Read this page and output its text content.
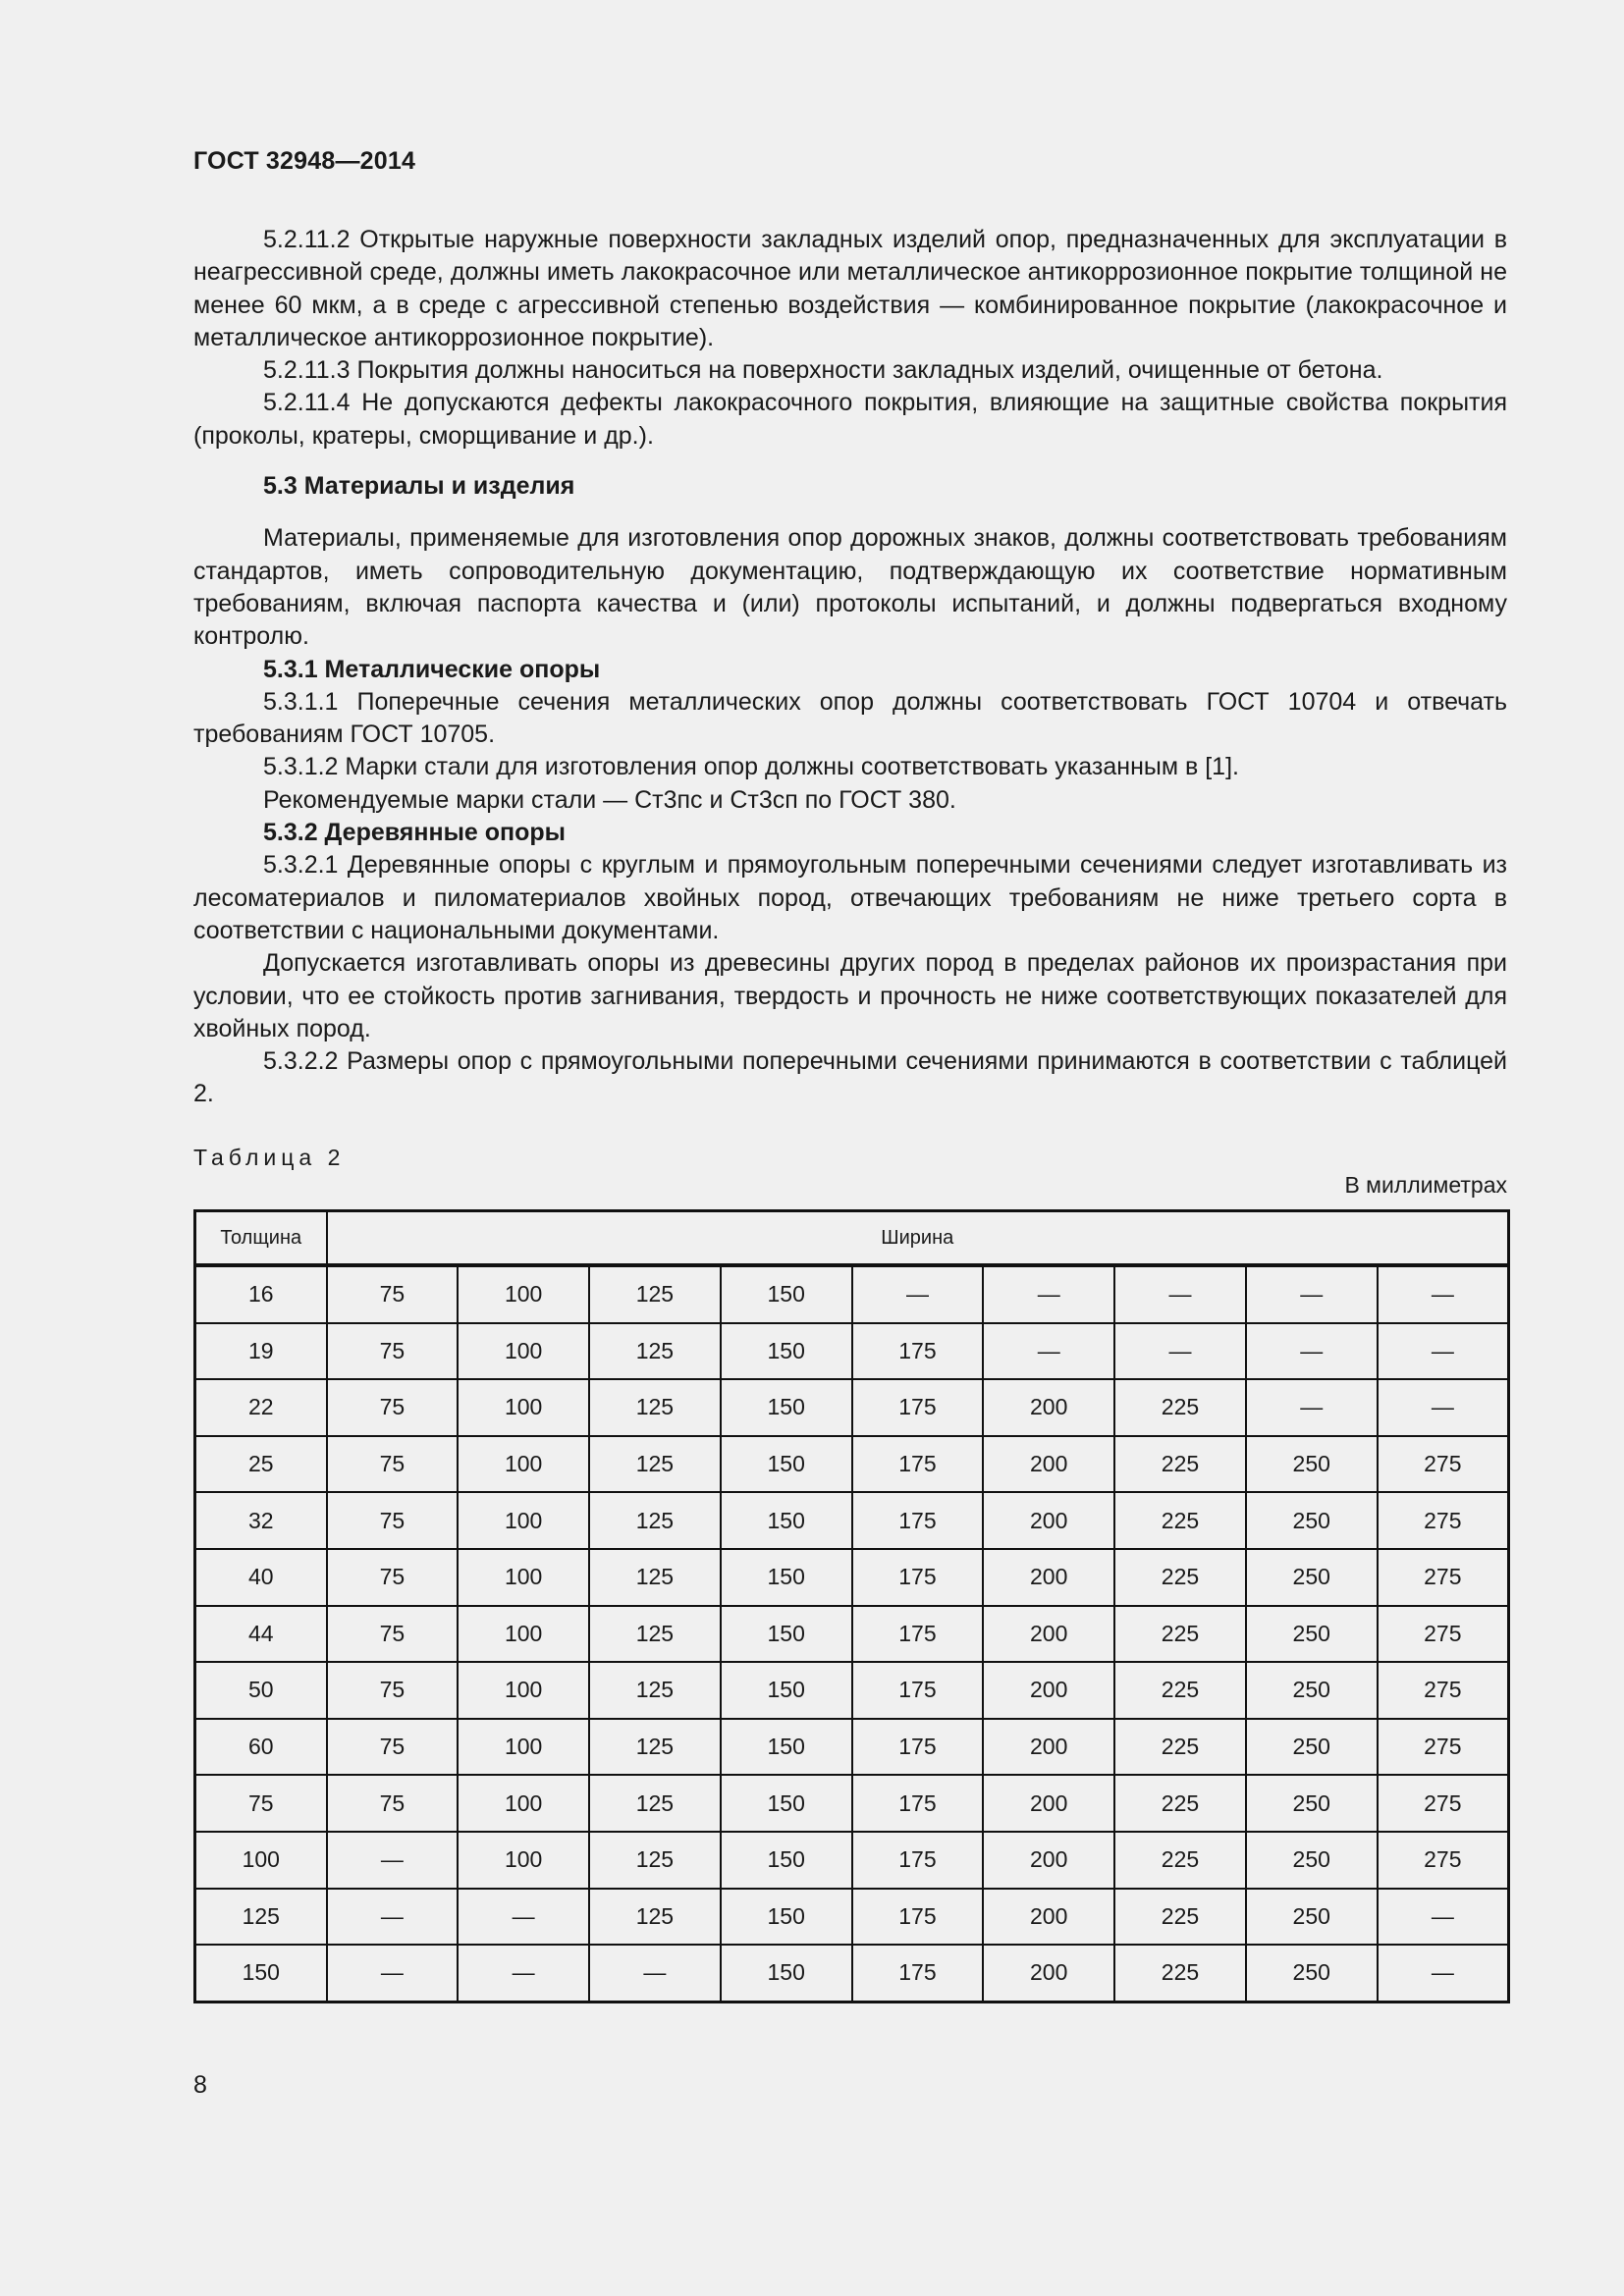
ГОСТ 32948—2014

5.2.11.2 Открытые наружные поверхности закладных изделий опор, предназначенных для эксплуатации в неагрессивной среде, должны иметь лакокрасочное или металлическое антикоррозионное покрытие толщиной не менее 60 мкм, а в среде с агрессивной степенью воздействия — комбинированное покрытие (лакокрасочное и металлическое антикоррозионное покрытие).

5.2.11.3 Покрытия должны наноситься на поверхности закладных изделий, очищенные от бетона.

5.2.11.4 Не допускаются дефекты лакокрасочного покрытия, влияющие на защитные свойства покрытия (проколы, кратеры, сморщивание и др.).

5.3 Материалы и изделия

Материалы, применяемые для изготовления опор дорожных знаков, должны соответствовать требованиям стандартов, иметь сопроводительную документацию, подтверждающую их соответствие нормативным требованиям, включая паспорта качества и (или) протоколы испытаний, и должны подвергаться входному контролю.

5.3.1 Металлические опоры

5.3.1.1 Поперечные сечения металлических опор должны соответствовать ГОСТ 10704 и отвечать требованиям ГОСТ 10705.

5.3.1.2 Марки стали для изготовления опор должны соответствовать указанным в [1].

Рекомендуемые марки стали — Ст3пс и Ст3сп по ГОСТ 380.

5.3.2 Деревянные опоры

5.3.2.1 Деревянные опоры с круглым и прямоугольным поперечными сечениями следует изготавливать из лесоматериалов и пиломатериалов хвойных пород, отвечающих требованиям не ниже третьего сорта в соответствии с национальными документами.

Допускается изготавливать опоры из древесины других пород в пределах районов их произрастания при условии, что ее стойкость против загнивания, твердость и прочность не ниже соответствующих показателей для хвойных пород.

5.3.2.2 Размеры опор с прямоугольными поперечными сечениями принимаются в соответствии с таблицей 2.

Таблица 2
В миллиметрах
Толщина	Ширина								
16	75	100	125	150	—	—	—	—	—
19	75	100	125	150	175	—	—	—	—
22	75	100	125	150	175	200	225	—	—
25	75	100	125	150	175	200	225	250	275
32	75	100	125	150	175	200	225	250	275
40	75	100	125	150	175	200	225	250	275
44	75	100	125	150	175	200	225	250	275
50	75	100	125	150	175	200	225	250	275
60	75	100	125	150	175	200	225	250	275
75	75	100	125	150	175	200	225	250	275
100	—	100	125	150	175	200	225	250	275
125	—	—	125	150	175	200	225	250	—
150	—	—	—	150	175	200	225	250	—
8
